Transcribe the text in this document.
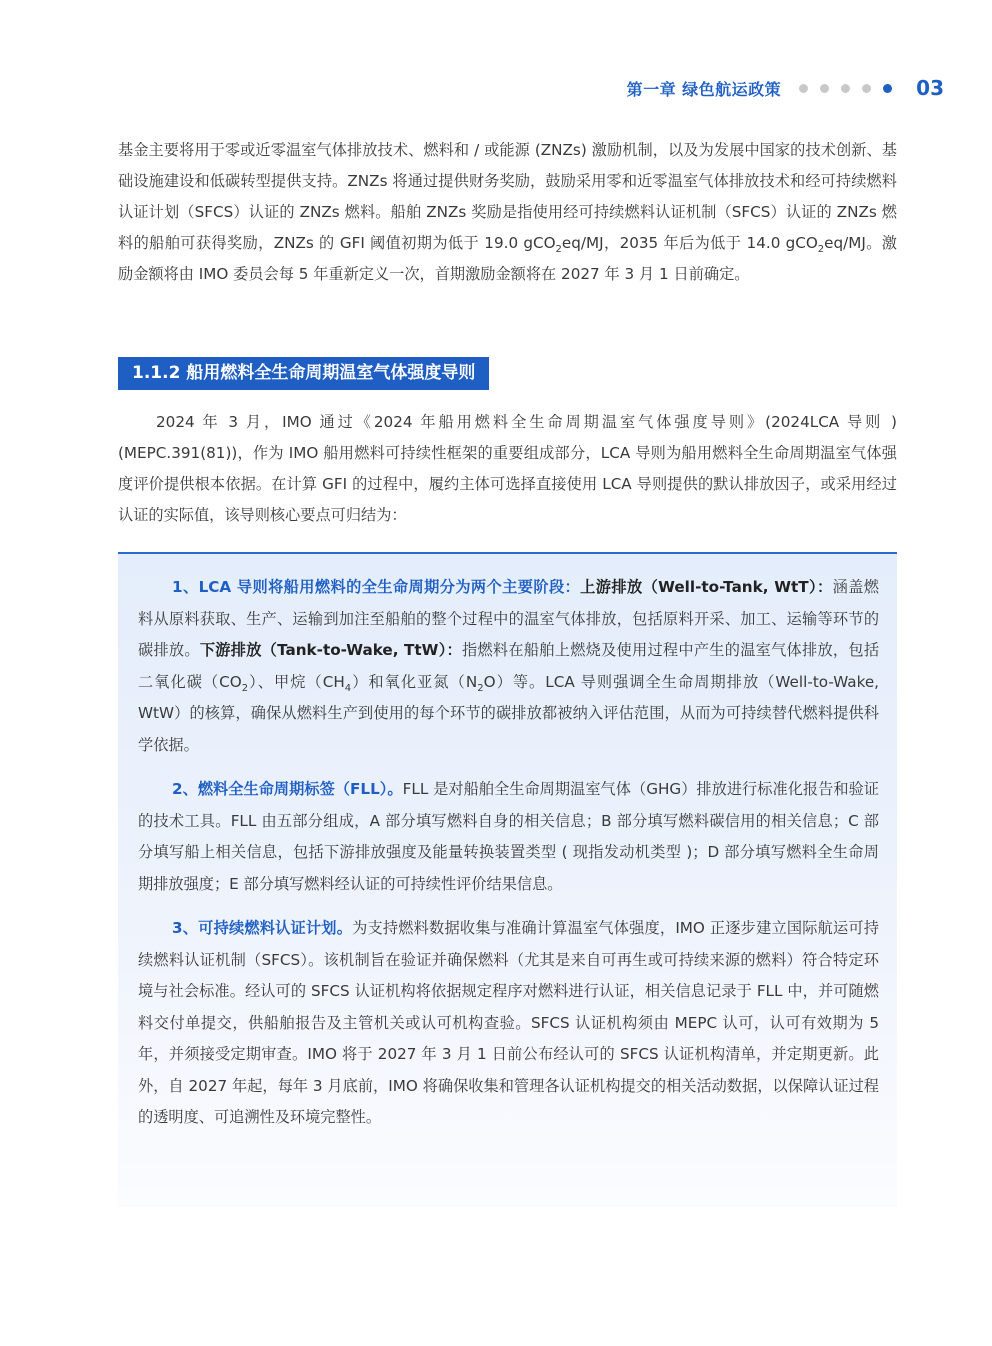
第一章 绿色航运政策	03

基金主要将用于零或近零温室气体排放技术、燃料和 / 或能源 (ZNZs) 激励机制，以及为发展中国家的技术创新、基础设施建设和低碳转型提供支持。ZNZs 将通过提供财务奖励，鼓励采用零和近零温室气体排放技术和经可持续燃料认证计划（SFCS）认证的 ZNZs 燃料。船舶 ZNZs 奖励是指使用经可持续燃料认证机制（SFCS）认证的 ZNZs 燃料的船舶可获得奖励，ZNZs 的 GFI 阈值初期为低于 19.0 gCO$_2$eq/MJ，2035 年后为低于 14.0 gCO$_2$eq/MJ。激励金额将由 IMO 委员会每 5 年重新定义一次，首期激励金额将在 2027 年 3 月 1 日前确定。

1.1.2 船用燃料全生命周期温室气体强度导则

2024 年 3 月，IMO 通过《2024 年船用燃料全生命周期温室气体强度导则》(2024LCA 导则 )(MEPC.391(81))，作为 IMO 船用燃料可持续性框架的重要组成部分，LCA 导则为船用燃料全生命周期温室气体强度评价提供根本依据。在计算 GFI 的过程中，履约主体可选择直接使用 LCA 导则提供的默认排放因子，或采用经过认证的实际值，该导则核心要点可归结为：

1、LCA 导则将船用燃料的全生命周期分为两个主要阶段：上游排放（Well-to-Tank, WtT）：涵盖燃料从原料获取、生产、运输到加注至船舶的整个过程中的温室气体排放，包括原料开采、加工、运输等环节的碳排放。下游排放（Tank-to-Wake, TtW）：指燃料在船舶上燃烧及使用过程中产生的温室气体排放，包括二氧化碳$(CO_2)$、甲烷$(CH_4)$和氧化亚氮$(N_2O)$等。LCA 导则强调全生命周期排放（Well-to-Wake, WtW）的核算，确保从燃料生产到使用的每个环节的碳排放都被纳入评估范围，从而为可持续替代燃料提供科学依据。

2、燃料全生命周期标签（FLL）。FLL 是对船舶全生命周期温室气体（GHG）排放进行标准化报告和验证的技术工具。FLL 由五部分组成，A 部分填写燃料自身的相关信息；B 部分填写燃料碳信用的相关信息；C 部分填写船上相关信息，包括下游排放强度及能量转换装置类型 ( 现指发动机类型 )；D 部分填写燃料全生命周期排放强度；E 部分填写燃料经认证的可持续性评价结果信息。

3、可持续燃料认证计划。为支持燃料数据收集与准确计算温室气体强度，IMO 正逐步建立国际航运可持续燃料认证机制（SFCS）。该机制旨在验证并确保燃料（尤其是来自可再生或可持续来源的燃料）符合特定环境与社会标准。经认可的 SFCS 认证机构将依据规定程序对燃料进行认证，相关信息记录于 FLL 中，并可随燃料交付单提交，供船舶报告及主管机关或认可机构查验。SFCS 认证机构须由 MEPC 认可，认可有效期为 5 年，并须接受定期审查。IMO 将于 2027 年 3 月 1 日前公布经认可的 SFCS 认证机构清单，并定期更新。此外，自 2027 年起，每年 3 月底前，IMO 将确保收集和管理各认证机构提交的相关活动数据，以保障认证过程的透明度、可追溯性及环境完整性。
